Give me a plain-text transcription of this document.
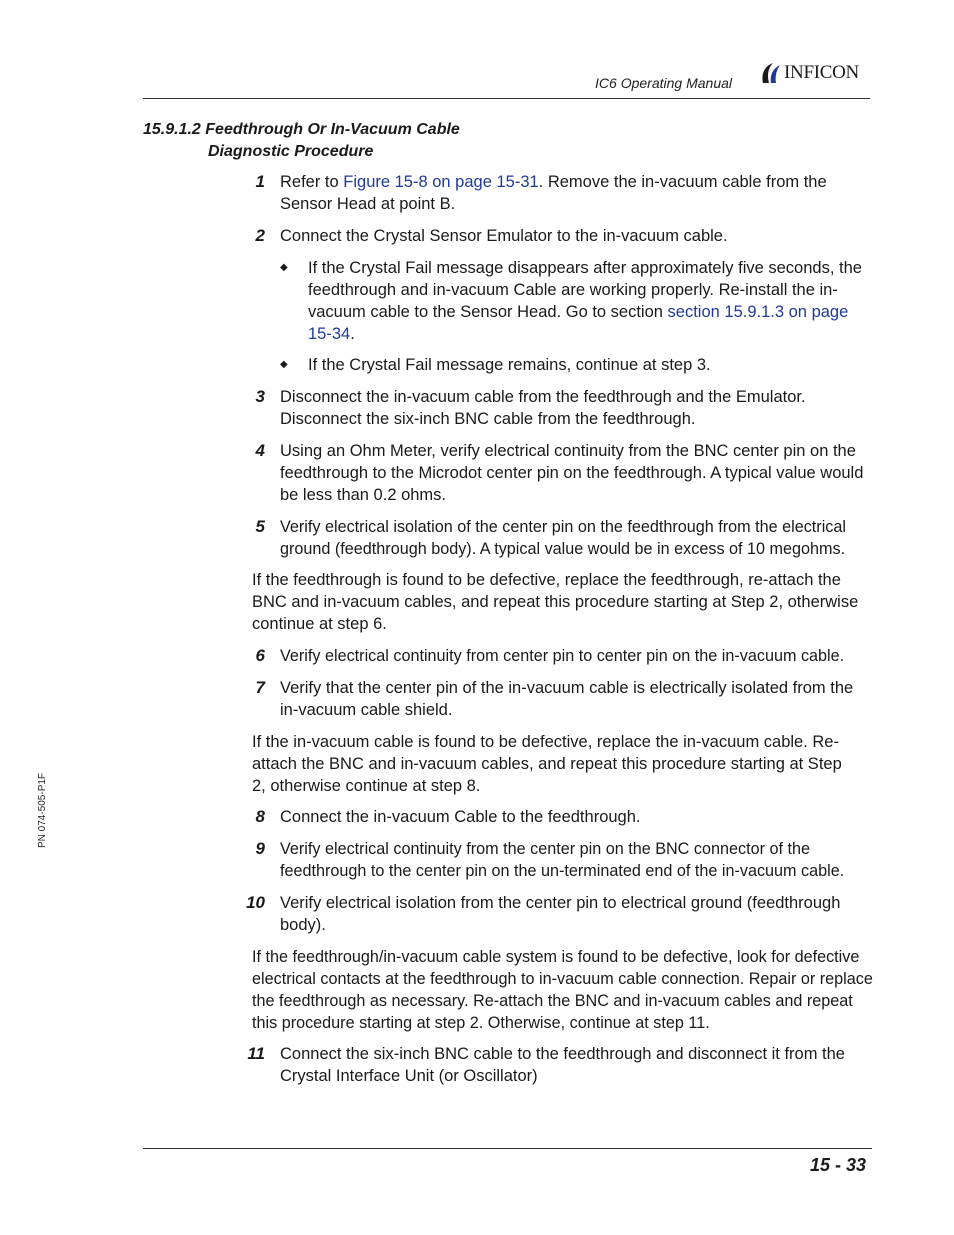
IC6 Operating Manual	INFICON
15.9.1.2 Feedthrough Or In-Vacuum Cable
Diagnostic Procedure
1 Refer to Figure 15-8 on page 15-31. Remove the in-vacuum cable from the Sensor Head at point B.
2 Connect the Crystal Sensor Emulator to the in-vacuum cable.
◆ If the Crystal Fail message disappears after approximately five seconds, the feedthrough and in-vacuum Cable are working properly. Re-install the in-vacuum cable to the Sensor Head. Go to section section 15.9.1.3 on page 15-34.
◆ If the Crystal Fail message remains, continue at step 3.
3 Disconnect the in-vacuum cable from the feedthrough and the Emulator. Disconnect the six-inch BNC cable from the feedthrough.
4 Using an Ohm Meter, verify electrical continuity from the BNC center pin on the feedthrough to the Microdot center pin on the feedthrough. A typical value would be less than 0.2 ohms.
5 Verify electrical isolation of the center pin on the feedthrough from the electrical ground (feedthrough body). A typical value would be in excess of 10 megohms.
If the feedthrough is found to be defective, replace the feedthrough, re-attach the BNC and in-vacuum cables, and repeat this procedure starting at Step 2, otherwise continue at step 6.
6 Verify electrical continuity from center pin to center pin on the in-vacuum cable.
7 Verify that the center pin of the in-vacuum cable is electrically isolated from the in-vacuum cable shield.
If the in-vacuum cable is found to be defective, replace the in-vacuum cable. Re-attach the BNC and in-vacuum cables, and repeat this procedure starting at Step 2, otherwise continue at step 8.
8 Connect the in-vacuum Cable to the feedthrough.
9 Verify electrical continuity from the center pin on the BNC connector of the feedthrough to the center pin on the un-terminated end of the in-vacuum cable.
10 Verify electrical isolation from the center pin to electrical ground (feedthrough body).
If the feedthrough/in-vacuum cable system is found to be defective, look for defective electrical contacts at the feedthrough to in-vacuum cable connection. Repair or replace the feedthrough as necessary. Re-attach the BNC and in-vacuum cables and repeat this procedure starting at step 2. Otherwise, continue at step 11.
11 Connect the six-inch BNC cable to the feedthrough and disconnect it from the Crystal Interface Unit (or Oscillator)
15 - 33
PN 074-505-P1F
